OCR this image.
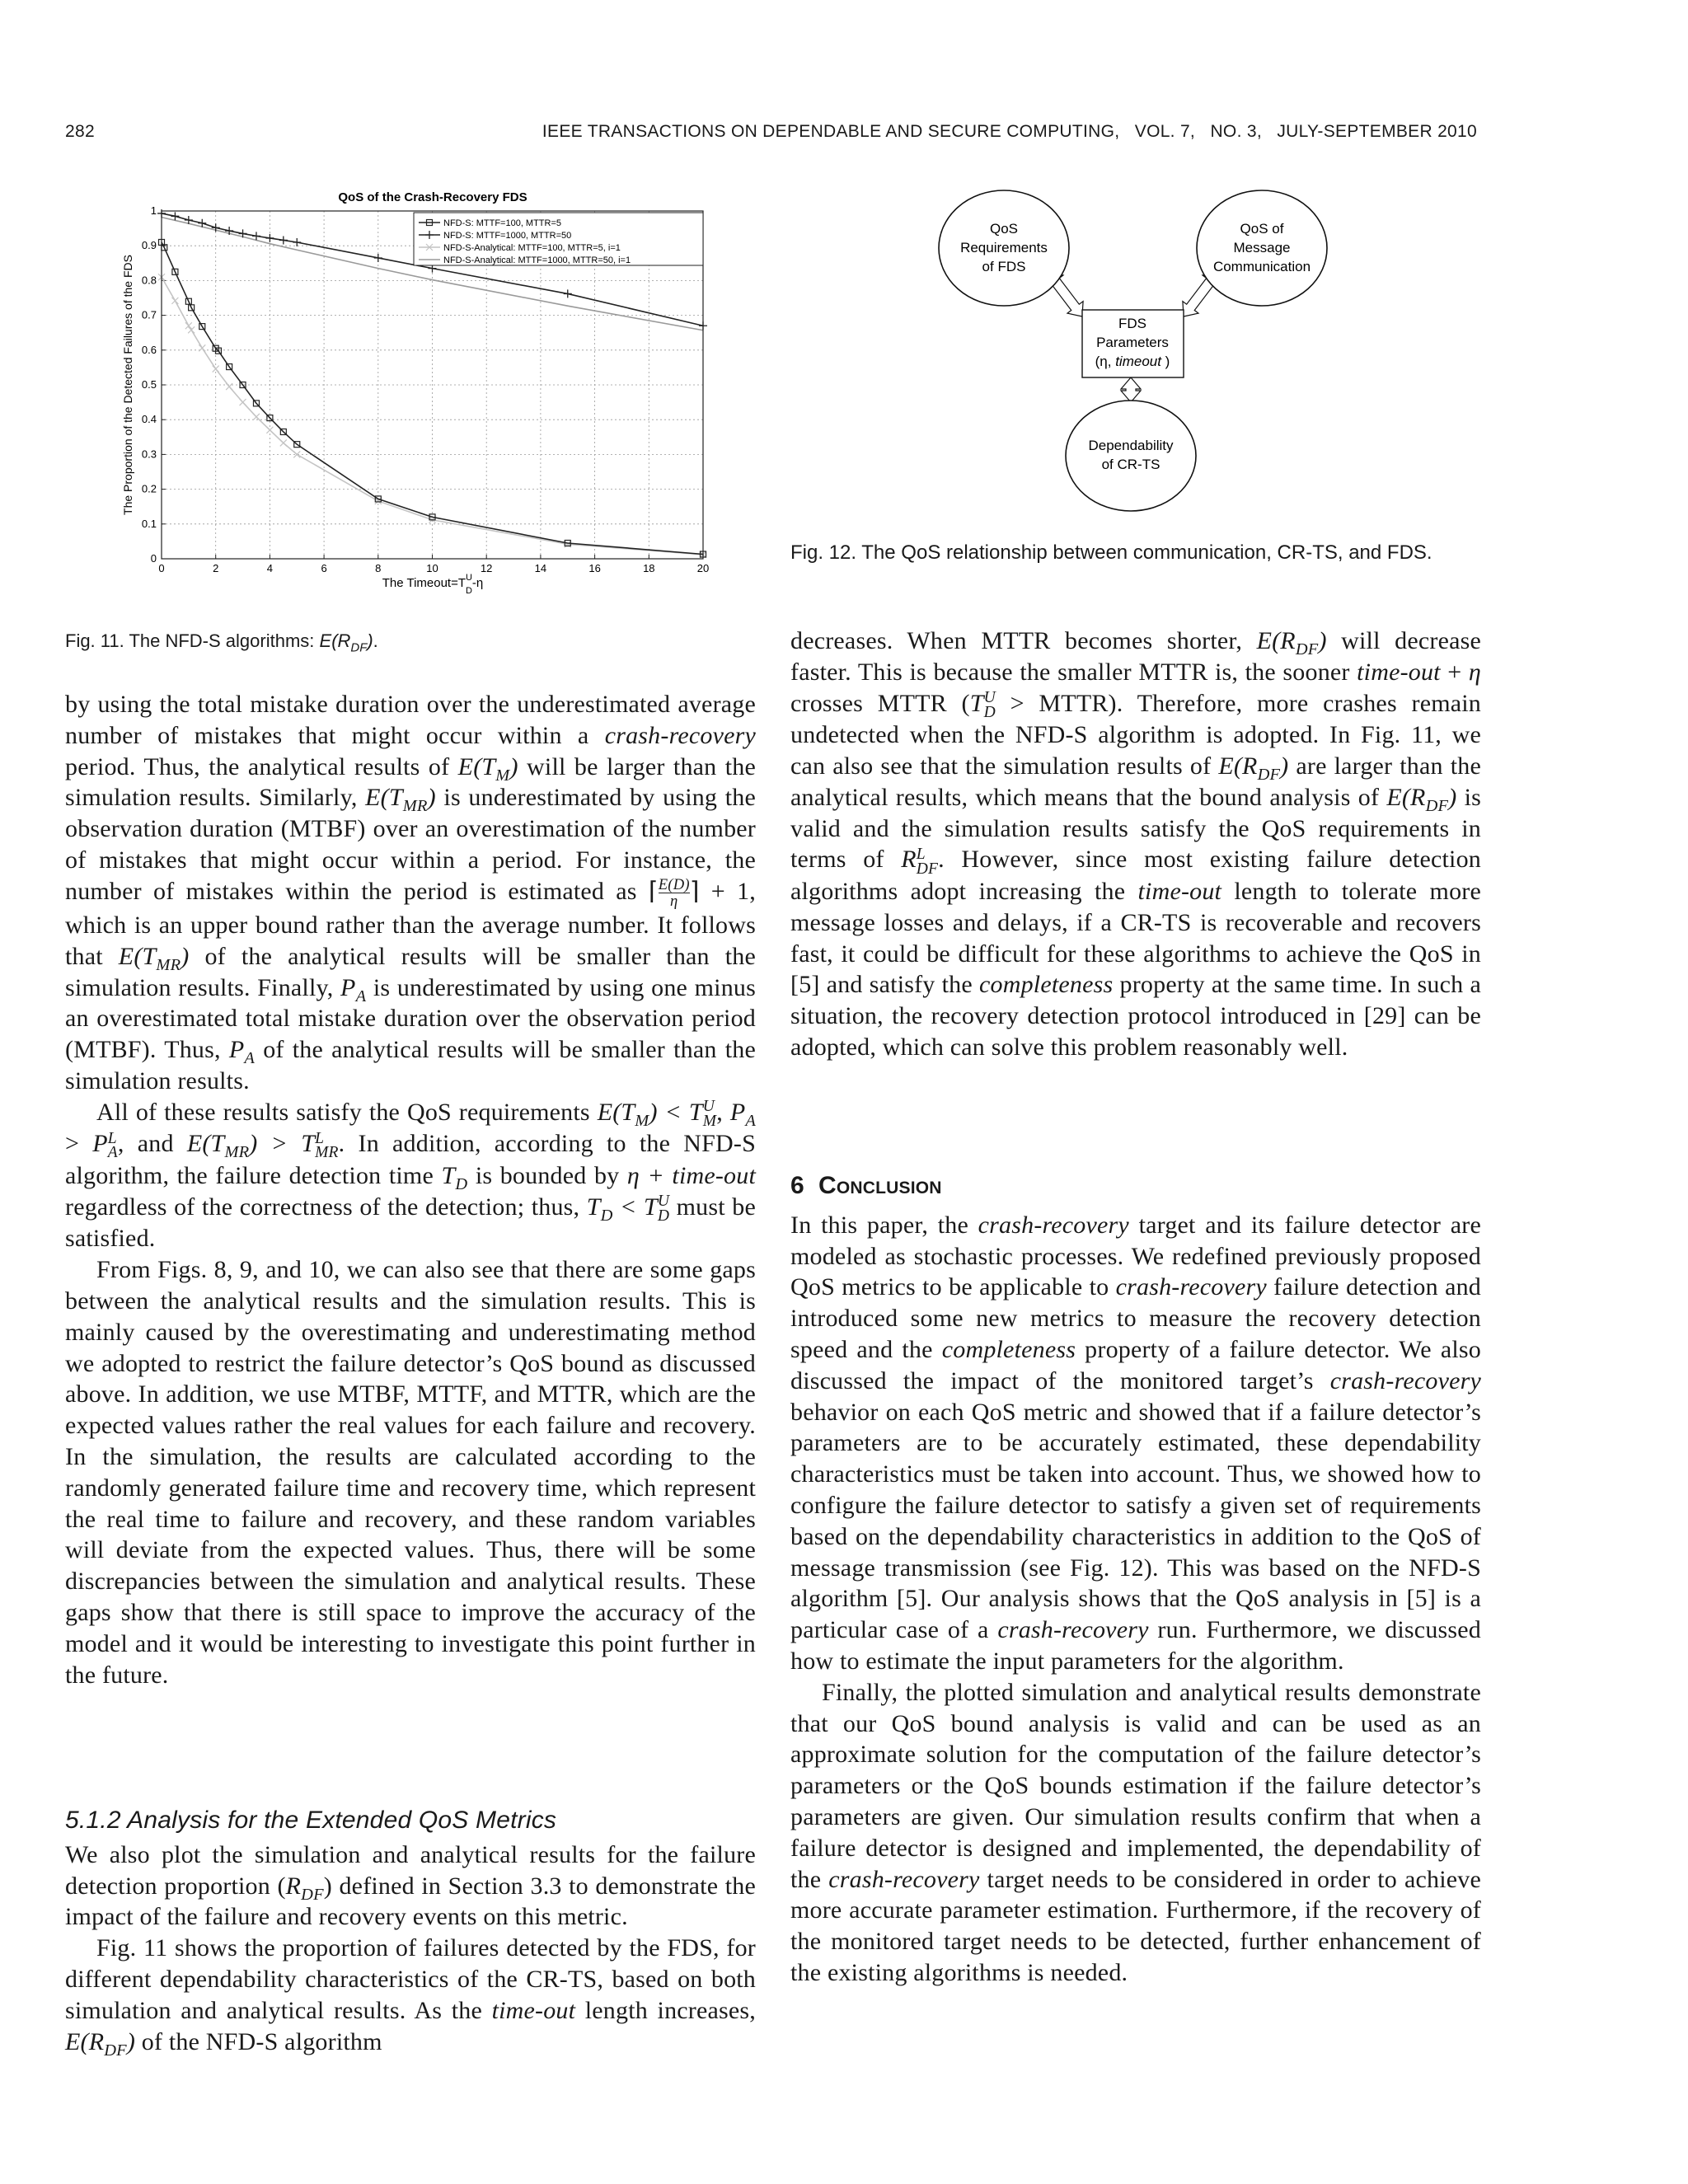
282	IEEE TRANSACTIONS ON DEPENDABLE AND SECURE COMPUTING,   VOL. 7,   NO. 3,   JULY-SEPTEMBER 2010
QoS of the Crash-Recovery FDS
0	2	4	6	8	10	12	14	16	18	20
0
0.1
0.2
0.3
0.4
0.5
0.6
0.7
0.8
0.9
1
NFD-S: MTTF=100, MTTR=5
NFD-S: MTTF=1000, MTTR=50
NFD-S-Analytical: MTTF=100, MTTR=5, i=1
NFD-S-Analytical: MTTF=1000, MTTR=50, i=1
The Proportion of the Detected Failures of the FDS
The $Timeout=T^U$ D-η
Fig. 11. The NFD-S algorithms: $E(R_{DF})$.
QoS Requirements of FDS
QoS of Message Communication
FDS Parameters (η, timeout )
Dependability of CR-TS
Fig. 12. The QoS relationship between communication, CR-TS, and FDS.

by using the total mistake duration over the underestimated average number of mistakes that might occur within a crash-recovery period. Thus, the analytical results of $E(T_M)$ will be larger than the simulation results. Similarly, $E(T_{MR})$ is underestimated by using the observation duration (MTBF) over an overestimation of the number of mistakes that might occur within a period. For instance, the number of mistakes within the period is estimated as ⌈ $\frac{E(D)}{\eta}$ ⌉ + 1, which is an upper bound rather than the average number. It follows that $E(T_{MR})$ of the analytical results will be smaller than the simulation results. Finally, $P_A$ is underestimated by using one minus an overestimated total mistake duration over the observation period (MTBF). Thus, $P_A$ of the analytical results will be smaller than the simulation results.

All of these results satisfy the QoS requirements $E(T_M) < T$ M
U , $P_A > P$ A
L , and $E(T_{MR}) > T$ MR
L . In addition, according to the NFD-S algorithm, the failure detection time $T_D$ is bounded by η + time-out regardless of the correctness of the detection; thus, $T_D < T$ D
U must be satisfied.

From Figs. 8, 9, and 10, we can also see that there are some gaps between the analytical results and the simulation results. This is mainly caused by the overestimating and underestimating method we adopted to restrict the failure detector’s QoS bound as discussed above. In addition, we use MTBF, MTTF, and MTTR, which are the expected values rather the real values for each failure and recovery. In the simulation, the results are calculated according to the randomly generated failure time and recovery time, which represent the real time to failure and recovery, and these random variables will deviate from the expected values. Thus, there will be some discrepancies between the simulation and analytical results. These gaps show that there is still space to improve the accuracy of the model and it would be interesting to investigate this point further in the future.

5.1.2 Analysis for the Extended QoS Metrics

We also plot the simulation and analytical results for the failure detection proportion $(R_{DF})$ defined in Section 3.3 to demonstrate the impact of the failure and recovery events on this metric.

Fig. 11 shows the proportion of failures detected by the FDS, for different dependability characteristics of the CR-TS, based on both simulation and analytical results. As the time-out length increases, $E(R_{DF})$ of the NFD-S algorithm

decreases. When MTTR becomes shorter, $E(R_{DF})$ will decrease faster. This is because the smaller MTTR is, the sooner time-out + η crosses MTTR (T D
U > MTTR). Therefore, more crashes remain undetected when the NFD-S algorithm is adopted. In Fig. 11, we can also see that the simulation results of $E(R_{DF})$ are larger than the analytical results, which means that the bound analysis of $E(R_{DF})$ is valid and the simulation results satisfy the QoS requirements in terms of R DF
L . However, since most existing failure detection algorithms adopt increasing the time-out length to tolerate more message losses and delays, if a CR-TS is recoverable and recovers fast, it could be difficult for these algorithms to achieve the QoS in [5] and satisfy the completeness property at the same time. In such a situation, the recovery detection protocol introduced in [29] can be adopted, which can solve this problem reasonably well.

6 Conclusion

In this paper, the crash-recovery target and its failure detector are modeled as stochastic processes. We redefined previously proposed QoS metrics to be applicable to crash-recovery failure detection and introduced some new metrics to measure the recovery detection speed and the completeness property of a failure detector. We also discussed the impact of the monitored target’s crash-recovery behavior on each QoS metric and showed that if a failure detector’s parameters are to be accurately estimated, these dependability characteristics must be taken into account. Thus, we showed how to configure the failure detector to satisfy a given set of requirements based on the dependability characteristics in addition to the QoS of message transmission (see Fig. 12). This was based on the NFD-S algorithm [5]. Our analysis shows that the QoS analysis in [5] is a particular case of a crash-recovery run. Furthermore, we discussed how to estimate the input parameters for the algorithm.

Finally, the plotted simulation and analytical results demonstrate that our QoS bound analysis is valid and can be used as an approximate solution for the computation of the failure detector’s parameters or the QoS bounds estimation if the failure detector’s parameters are given. Our simulation results confirm that when a failure detector is designed and implemented, the dependability of the crash-recovery target needs to be considered in order to achieve more accurate parameter estimation. Furthermore, if the recovery of the monitored target needs to be detected, further enhancement of the existing algorithms is needed.
